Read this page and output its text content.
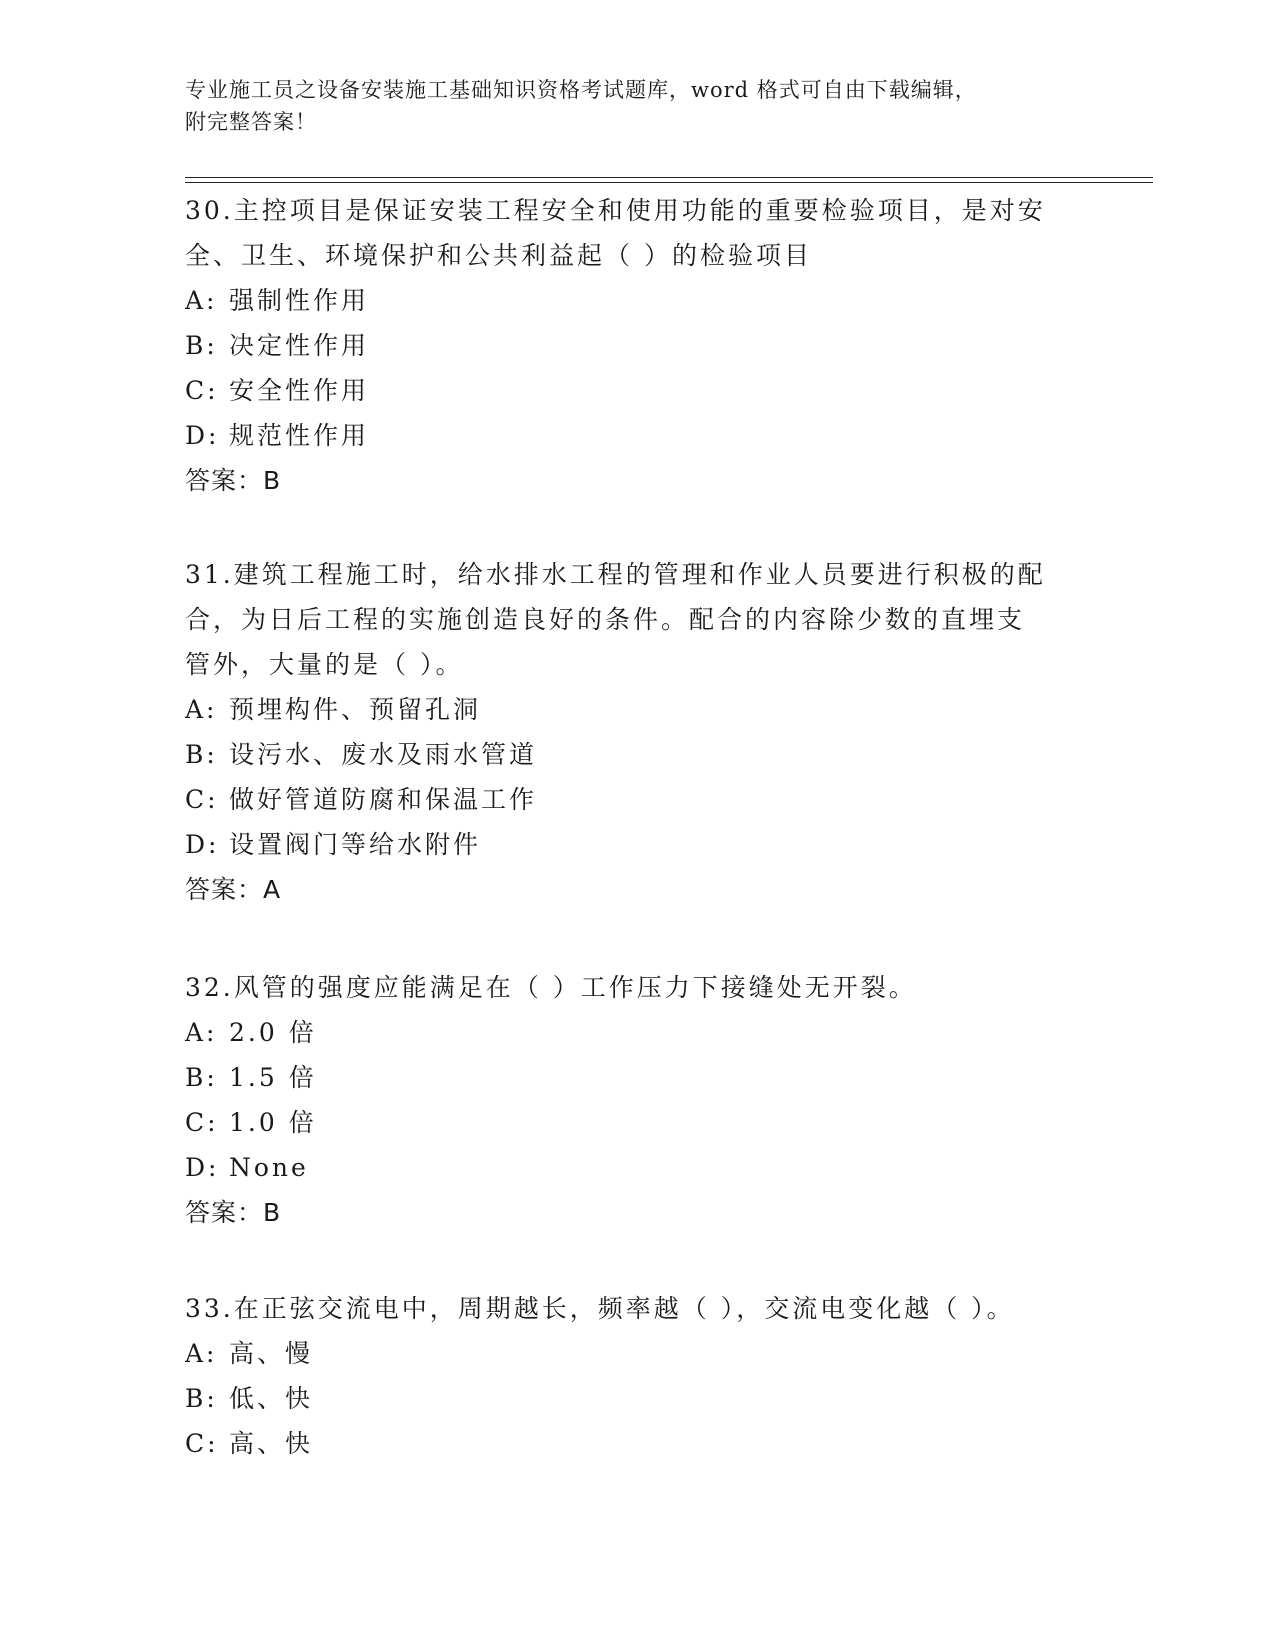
专业施工员之设备安装施工基础知识资格考试题库，word 格式可自由下载编辑，
附完整答案！
30.主控项目是保证安装工程安全和使用功能的重要检验项目，是对安
全、卫生、环境保护和公共利益起（ ）的检验项目
A: 强制性作用
B: 决定性作用
C: 安全性作用
D: 规范性作用
答案：B
31.建筑工程施工时，给水排水工程的管理和作业人员要进行积极的配
合，为日后工程的实施创造良好的条件。配合的内容除少数的直埋支
管外，大量的是（ ）。
A: 预埋构件、预留孔洞
B: 设污水、废水及雨水管道
C: 做好管道防腐和保温工作
D: 设置阀门等给水附件
答案：A
32.风管的强度应能满足在（ ）工作压力下接缝处无开裂。
A: 2.0 倍
B: 1.5 倍
C: 1.0 倍
D: None
答案：B
33.在正弦交流电中，周期越长，频率越（ ），交流电变化越（ ）。
A: 高、慢
B: 低、快
C: 高、快
